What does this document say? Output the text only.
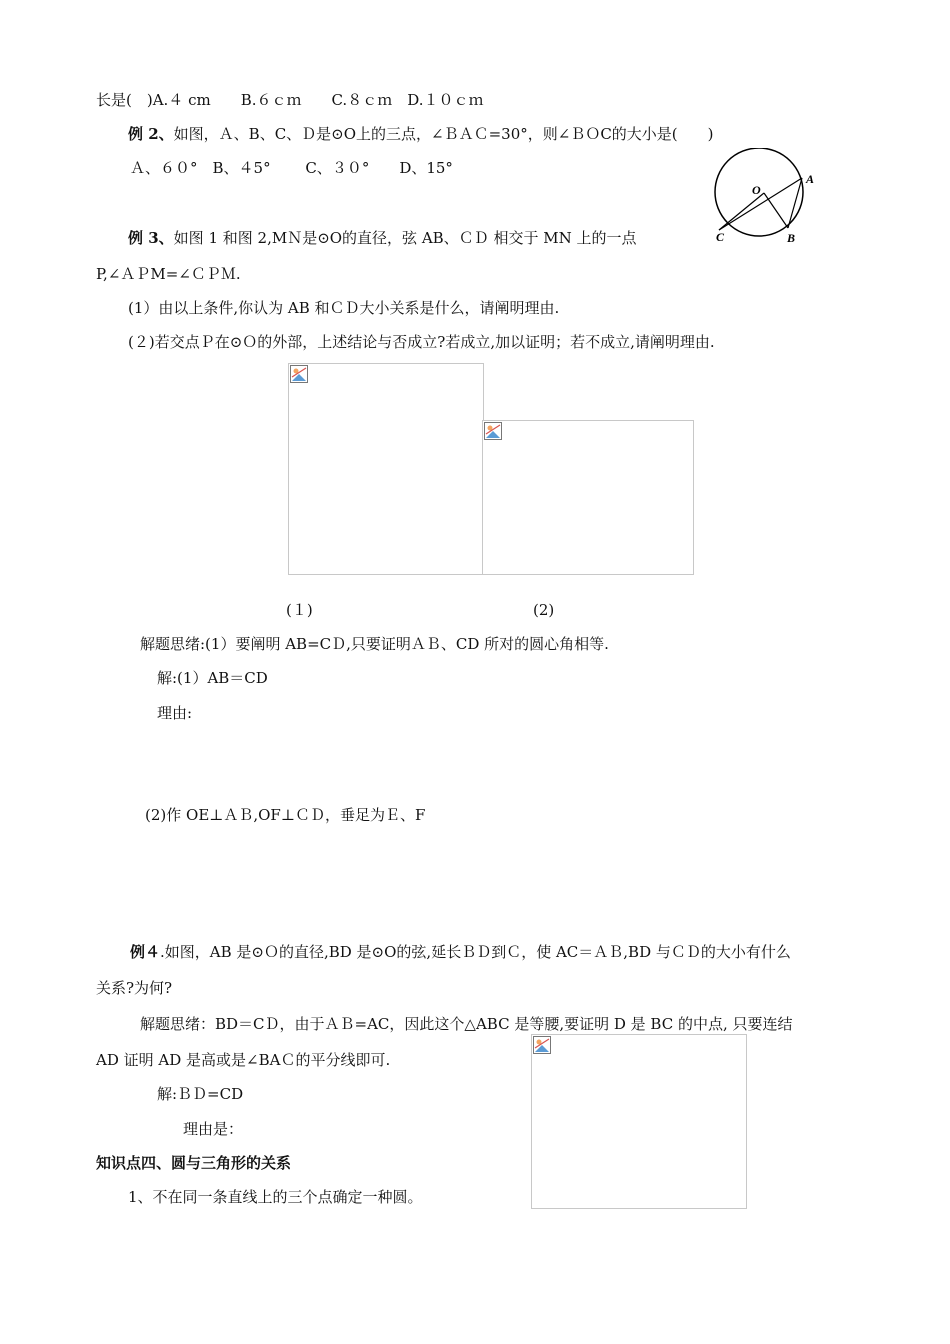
长是(　)A.４ cm　　B.６ｃｍ　　C.８ｃｍ　D.１０ｃｍ
例 2、如图，Ａ、B、C、Ｄ是⊙O上的三点，∠ＢＡＣ=30°，则∠ＢＯC的大小是(　　)
Ａ、６０°　B、４5°　　 C、３０°　　D、15°
O
A
B
C
例 3、如图 1 和图 2,MＮ是⊙O的直径，弦 AB、ＣＤ 相交于 MN 上的一点
P,∠ＡＰM=∠ＣＰＭ.
(1）由以上条件,你认为 AB 和ＣＤ大小关系是什么，请阐明理由.
(２)若交点Ｐ在⊙Ｏ的外部，上述结论与否成立?若成立,加以证明；若不成立,请阐明理由.
(１)	(2)
解题思绪:(1）要阐明 AB=CＤ,只要证明ＡＢ、CD 所对的圆心角相等.
解:(1）AB＝CD
理由:
(2)作 OE⊥ＡＢ,OF⊥ＣＤ，垂足为Ｅ、F
例４.如图，AB 是⊙Ｏ的直径,BD 是⊙O的弦,延长ＢＤ到Ｃ，使 AC＝ＡＢ,BD 与ＣＤ的大小有什么
关系?为何?
解题思绪：BD＝CＤ，由于ＡＢ=AC，因此这个△ABC 是等腰,要证明 D 是 BC 的中点, 只要连结
AD 证明 AD 是高或是∠BAＣ的平分线即可.
解:ＢＤ=CD
理由是：
知识点四、圆与三角形的关系
1、不在同一条直线上的三个点确定一种圆。
